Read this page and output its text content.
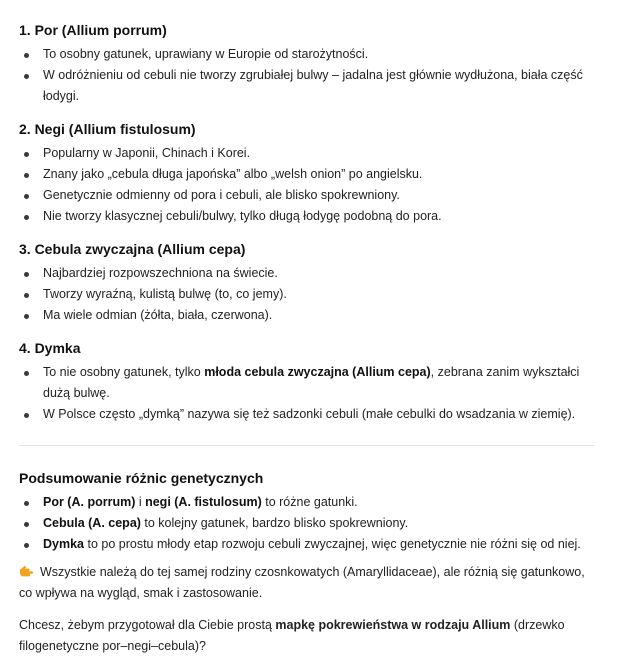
1. Por (Allium porrum)
To osobny gatunek, uprawiany w Europie od starożytności.
W odróżnieniu od cebuli nie tworzy zgrubiałej bulwy – jadalna jest głównie wydłużona, biała część łodygi.
2. Negi (Allium fistulosum)
Popularny w Japonii, Chinach i Korei.
Znany jako „cebula długa japońska” albo „welsh onion” po angielsku.
Genetycznie odmienny od pora i cebuli, ale blisko spokrewniony.
Nie tworzy klasycznej cebuli/bulwy, tylko długą łodygę podobną do pora.
3. Cebula zwyczajna (Allium cepa)
Najbardziej rozpowszechniona na świecie.
Tworzy wyraźną, kulistą bulwę (to, co jemy).
Ma wiele odmian (żółta, biała, czerwona).
4. Dymka
To nie osobny gatunek, tylko młoda cebula zwyczajna (Allium cepa), zebrana zanim wykształci dużą bulwę.
W Polsce często „dymką” nazywa się też sadzonki cebuli (małe cebulki do wsadzania w ziemię).
Podsumowanie różnic genetycznych
Por (A. porrum) i negi (A. fistulosum) to różne gatunki.
Cebula (A. cepa) to kolejny gatunek, bardzo blisko spokrewniony.
Dymka to po prostu młody etap rozwoju cebuli zwyczajnej, więc genetycznie nie różni się od niej.

Wszystkie należą do tej samej rodziny czosnkowatych (Amaryllidaceae), ale różnią się gatunkowo, co wpływa na wygląd, smak i zastosowanie.

Chcesz, żebym przygotował dla Ciebie prostą mapkę pokrewieństwa w rodzaju Allium (drzewko filogenetyczne por–negi–cebula)?
